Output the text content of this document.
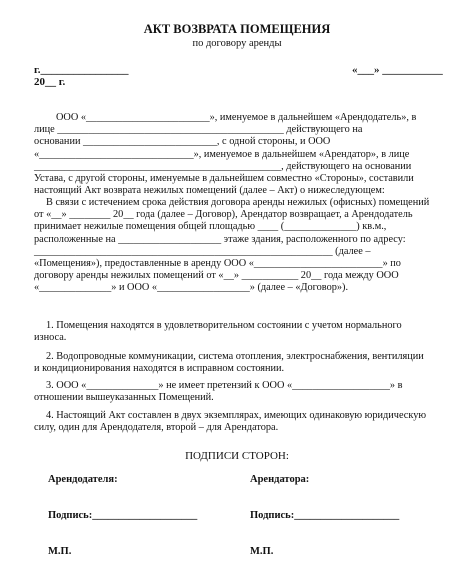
АКТ ВОЗВРАТА ПОМЕЩЕНИЯ
по договору аренды
г.________________
20__ г.
«___» ___________
ООО «________________________», именуемое в дальнейшем «Арендодатель», в
лице ____________________________________________ действующего на
основании __________________________, с одной стороны, и ООО
«______________________________», именуемое в дальнейшем «Арендатор», в лице
________________________________________________, действующего на основании
Устава, с другой стороны, именуемые в дальнейшем совместно «Стороны», составили
настоящий Акт возврата нежилых помещений (далее – Акт) о нижеследующем:
В связи с истечением срока действия договора аренды нежилых (офисных) помещений
от «__» ________ 20__ года (далее – Договор), Арендатор возвращает, а Арендодатель
принимает нежилые помещения общей площадью ____ (______________) кв.м.,
расположенные на ____________________ этаже здания, расположенного по адресу:
__________________________________________________________ (далее –
«Помещения»), предоставленные в аренду ООО «_________________________» по
договору аренды нежилых помещений от «__» ___________ 20__ года между ООО
«______________» и ООО «__________________» (далее – «Договор»).
1. Помещения находятся в удовлетворительном состоянии с учетом нормального
износа.
2. Водопроводные коммуникации, система отопления, электроснабжения, вентиляции
и кондиционирования находятся в исправном состоянии.
3. ООО «______________» не имеет претензий к ООО «___________________» в
отношении вышеуказанных Помещений.
4. Настоящий Акт составлен в двух экземплярах, имеющих одинаковую юридическую
силу, один для Арендодателя, второй – для Арендатора.
ПОДПИСИ СТОРОН:
Арендодателя:	Арендатора:
Подпись:____________________	Подпись:____________________
М.П.	М.П.
